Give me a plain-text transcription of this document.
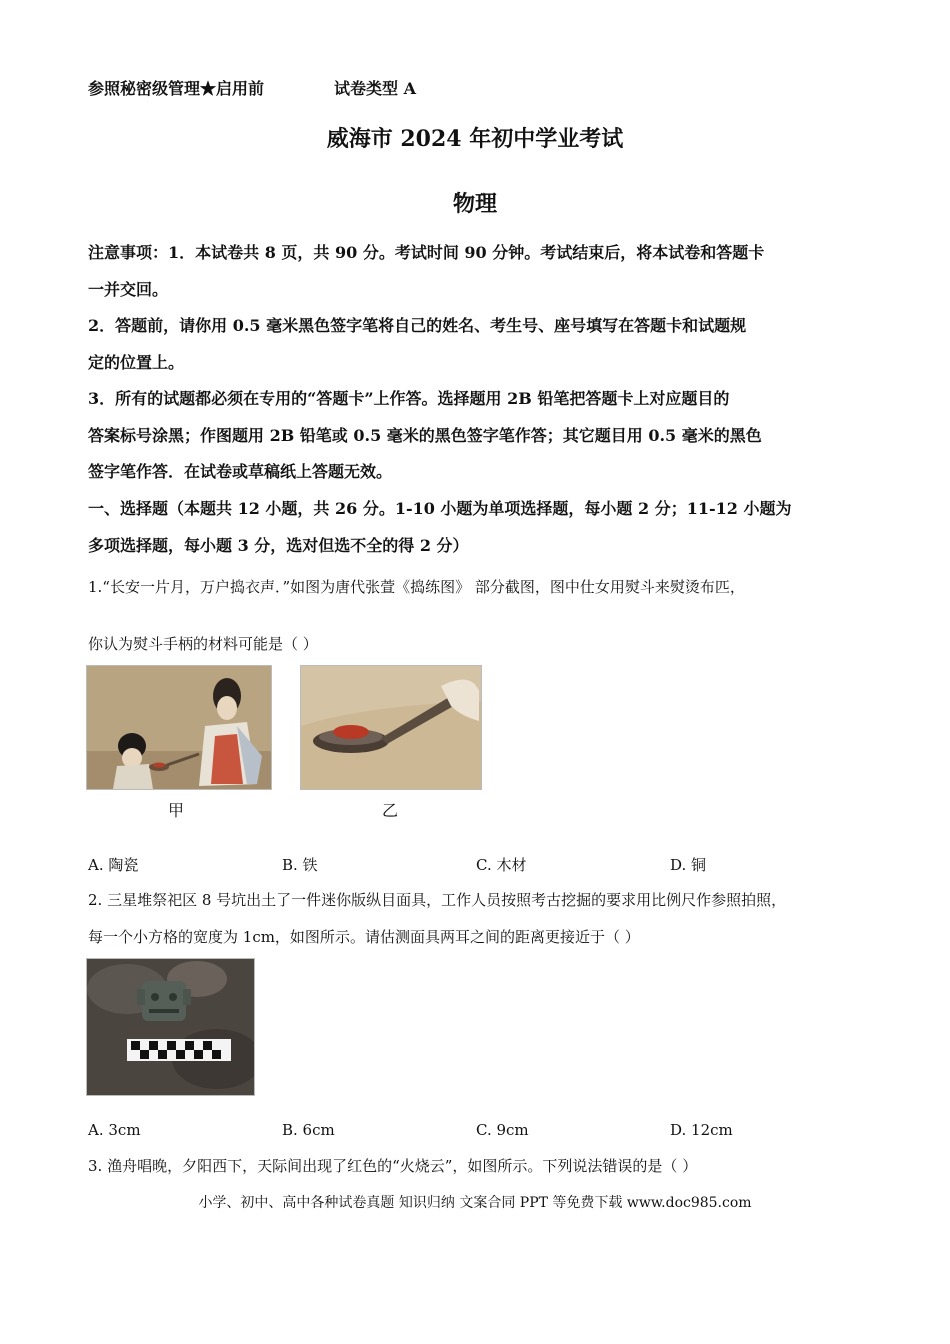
参照秘密级管理★启用前	试卷类型 A
威海市 2024 年初中学业考试
物理
注意事项：1．本试卷共 8 页，共 90 分。考试时间 90 分钟。考试结束后，将本试卷和答题卡
一并交回。
2．答题前，请你用 0.5 毫米黑色签字笔将自己的姓名、考生号、座号填写在答题卡和试题规
定的位置上。
3．所有的试题都必须在专用的“答题卡”上作答。选择题用 2B 铅笔把答题卡上对应题目的
答案标号涂黑；作图题用 2B 铅笔或 0.5 毫米的黑色签字笔作答；其它题目用 0.5 毫米的黑色
签字笔作答．在试卷或草稿纸上答题无效。
一、选择题（本题共 12 小题，共 26 分。1-10 小题为单项选择题，每小题 2 分；11-12 小题为
多项选择题，每小题 3 分，选对但选不全的得 2 分）
1.“长安一片月，万户捣衣声．”如图为唐代张萱《捣练图》 部分截图，图中仕女用熨斗来熨烫布匹，
你认为熨斗手柄的材料可能是（ ）
甲	乙
A. 陶瓷	B. 铁	C. 木材	D. 铜
2. 三星堆祭祀区 8 号坑出土了一件迷你版纵目面具，工作人员按照考古挖掘的要求用比例尺作参照拍照，
每一个小方格的宽度为 1cm，如图所示。请估测面具两耳之间的距离更接近于（ ）
A. 3cm	B. 6cm	C. 9cm	D. 12cm
3. 渔舟唱晚，夕阳西下，天际间出现了红色的“火烧云”，如图所示。下列说法错误的是（ ）
小学、初中、高中各种试卷真题 知识归纳 文案合同 PPT 等免费下载 www.doc985.com
